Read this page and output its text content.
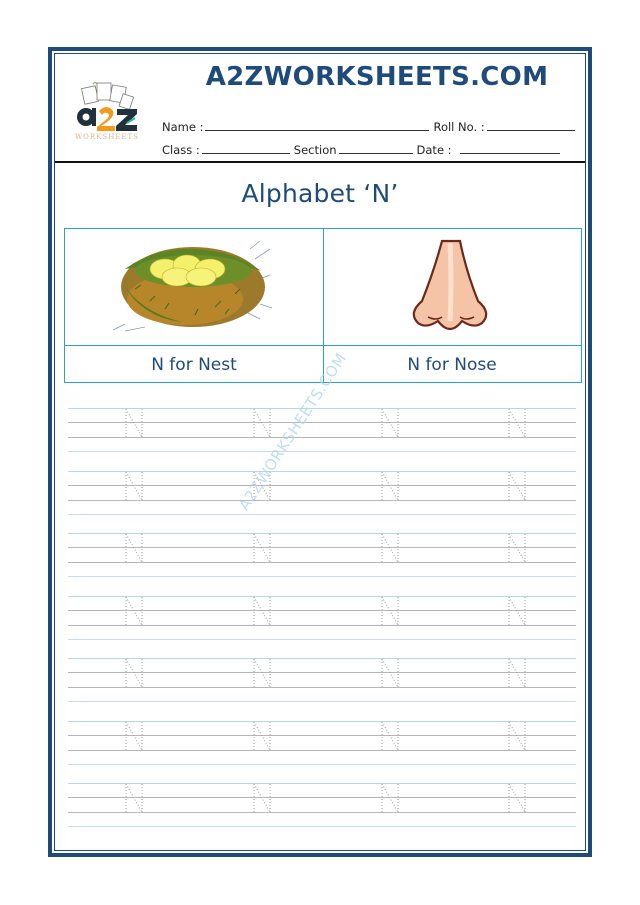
WORKSHEETS
A2ZWORKSHEETS.COM
Name :	Roll No. :
Class :	Section	Date :
Alphabet ‘N’
N for Nest	N for Nose
A2ZWORKSHEETS.COM
